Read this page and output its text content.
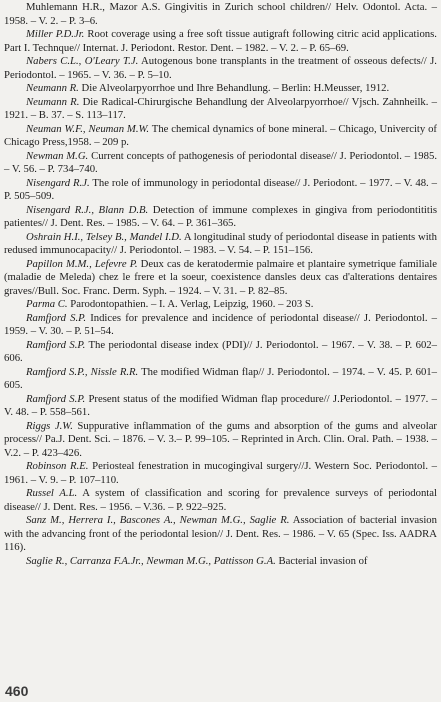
Muhlemann H.R., Mazor A.S. Gingivitis in Zurich school children// Helv. Odontol. Acta. – 1958. – V. 2. – P. 3–6.

Miller P.D.Jr. Root coverage using a free soft tissue autigraft following citric acid applications. Part I. Technque// Internat. J. Periodont. Restor. Dent. – 1982. – V. 2. – P. 65–69.

Nabers C.L., O'Leary T.J. Autogenous bone transplants in the treatment of osseous defects// J. Periodontol. – 1965. – V. 36. – P. 5–10.

Neumann R. Die Alveolarpyorrhoe und Ihre Behandlung. – Berlin: H.Meusser, 1912.

Neumann R. Die Radical-Chirurgische Behandlung der Alveolarpyorrhoe// Vjsch. Zahnheilk. – 1921. – B. 37. – S. 113–117.

Neuman W.F., Neuman M.W. The chemical dynamics of bone mineral. – Chicago, Univercity of Chicago Press,1958. – 209 p.

Newman M.G. Current concepts of pathogenesis of periodontal disease// J. Periodontol. – 1985. – V. 56. – P. 734–740.

Nisengard R.J. The role of immunology in periodontal disease// J. Periodont. – 1977. – V. 48. – P. 505–509.

Nisengard R.J., Blann D.B. Detection of immune complexes in gingiva from periodontititis patientes// J. Dent. Res. – 1985. – V. 64. – P. 361–365.

Oshrain H.I., Telsey B., Mandel I.D. A longitudinal study of periodontal disease in patients with redused immunocapacity// J. Periodontol. – 1983. – V. 54. – P. 151–156.

Papillon M.M., Lefevre P. Deux cas de keratodermie palmaire et plantaire symetrique familiale (maladie de Meleda) chez le frere et la soeur, coexistence dansles deux cas d'alterations dentaires graves//Bull. Soc. Franc. Derm. Syph. – 1924. – V. 31. – P. 82–85.

Parma C. Parodontopathien. – I. A. Verlag, Leipzig, 1960. – 203 S.

Ramfjord S.P. Indices for prevalence and incidence of periodontal disease// J. Periodontol. – 1959. – V. 30. – P. 51–54.

Ramfjord S.P. The periodontal disease index (PDI)// J. Periodontol. – 1967. – V. 38. – P. 602–606.

Ramfjord S.P., Nissle R.R. The modified Widman flap// J. Periodontol. – 1974. – V. 45. P. 601–605.

Ramfjord S.P. Present status of the modified Widman flap procedure// J.Periodontol. – 1977. – V. 48. – P. 558–561.

Riggs J.W. Suppurative inflammation of the gums and absorption of the gums and alveolar process// Pa.J. Dent. Sci. – 1876. – V. 3.– P. 99–105. – Reprinted in Arch. Clin. Oral. Path. – 1938. – V.2. – P. 423–426.

Robinson R.E. Periosteal fenestration in mucogingival surgery//J. Western Soc. Periodontol. – 1961. – V. 9. – P. 107–110.

Russel A.L. A system of classification and scoring for prevalence surveys of periodontal disease// J. Dent. Res. – 1956. – V.36. – P. 922–925.

Sanz M., Herrera I., Bascones A., Newman M.G., Saglie R. Association of bacterial invasion with the advancing front of the periodontal lesion// J. Dent. Res. – 1986. – V. 65 (Spec. Iss. AADRA 116).

Saglie R., Carranza F.A.Jr., Newman M.G., Pattisson G.A. Bacterial invasion of

460
